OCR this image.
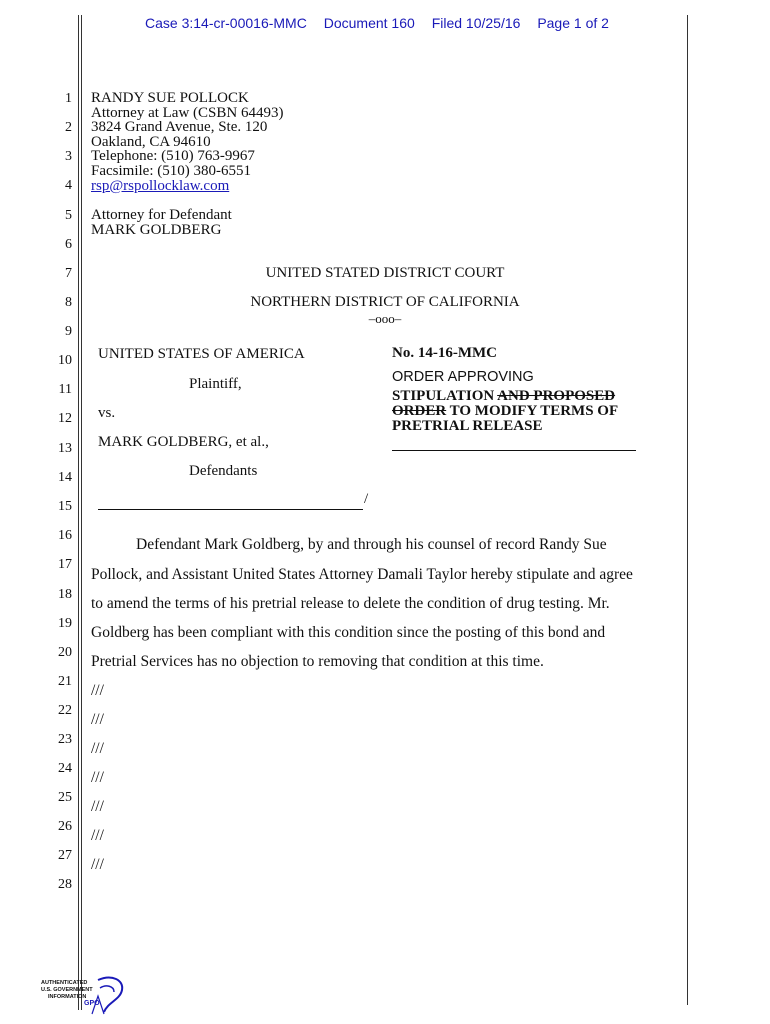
Case 3:14-cr-00016-MMC Document 160 Filed 10/25/16 Page 1 of 2
1
2
3
4
5
6
7
8
9
10
11
12
13
14
15
16
17
18
19
20
21
22
23
24
25
26
27
28
RANDY SUE POLLOCK
Attorney at Law (CSBN 64493)
3824 Grand Avenue, Ste. 120
Oakland, CA 94610
Telephone: (510) 763-9967
Facsimile: (510) 380-6551
rsp@rspollocklaw.com
Attorney for Defendant
MARK GOLDBERG
UNITED STATED DISTRICT COURT
NORTHERN DISTRICT OF CALIFORNIA
–ooo–
UNITED STATES OF AMERICA
Plaintiff,
vs.
MARK GOLDBERG, et al.,
Defendants
/
No. 14-16-MMC
ORDER APPROVING
STIPULATION AND PROPOSED
ORDER TO MODIFY TERMS OF
PRETRIAL RELEASE
Defendant Mark Goldberg, by and through his counsel of record Randy Sue
Pollock, and Assistant United States Attorney Damali Taylor hereby stipulate and agree
to amend the terms of his pretrial release to delete the condition of drug testing. Mr.
Goldberg has been compliant with this condition since the posting of this bond and
Pretrial Services has no objection to removing that condition at this time.
///
///
///
///
///
///
///
AUTHENTICATED
U.S. GOVERNMENT
INFORMATION
GPO
